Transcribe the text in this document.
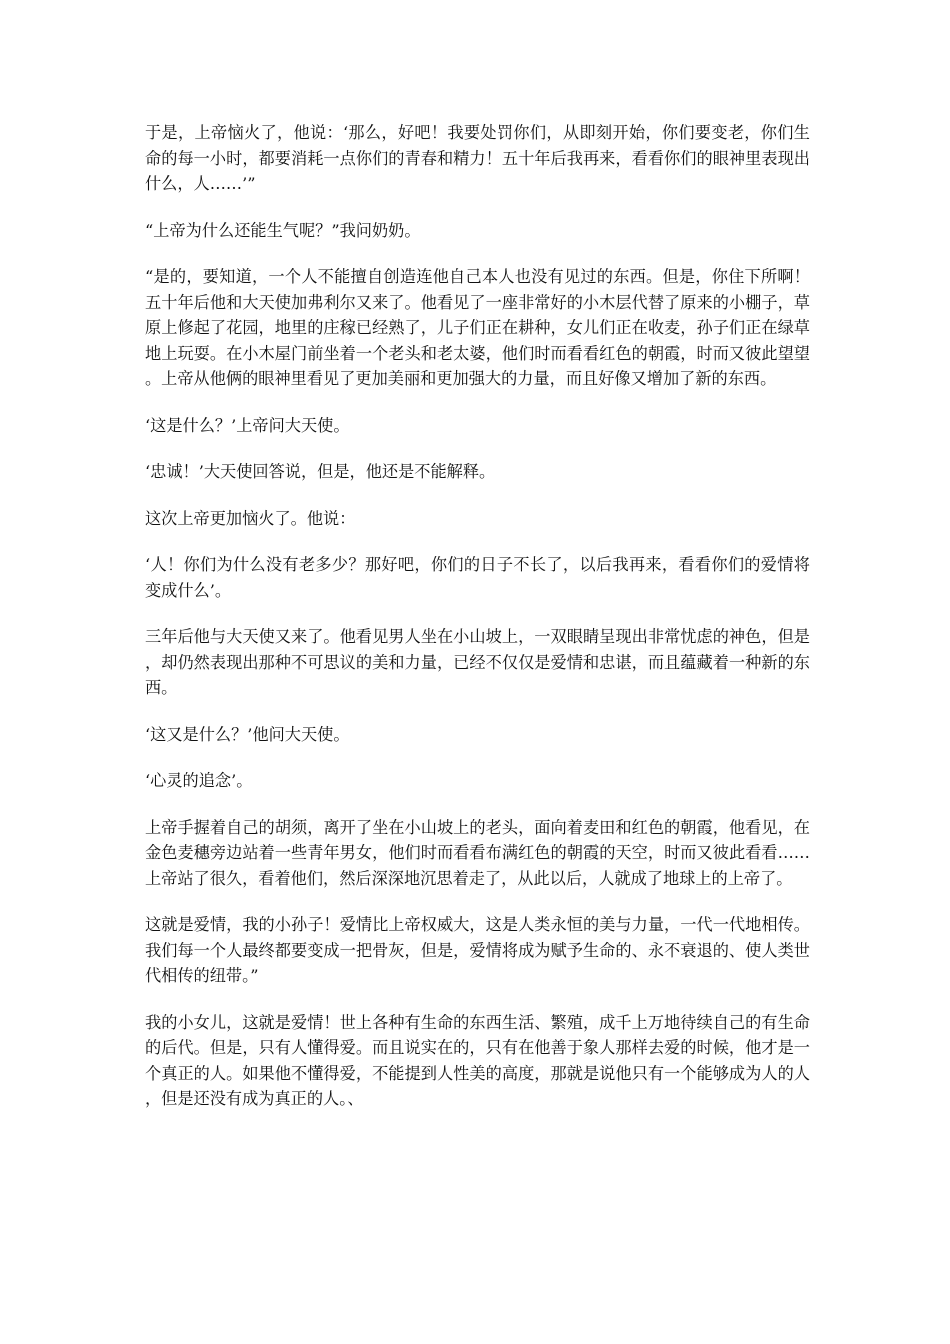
于是，上帝恼火了，他说：‘那么，好吧！我要处罚你们，从即刻开始，你们要变老，你们生命的每一小时，都要消耗一点你们的青春和精力！五十年后我再来，看看你们的眼神里表现出什么，人……’”

“上帝为什么还能生气呢？”我问奶奶。

“是的，要知道，一个人不能擅自创造连他自己本人也没有见过的东西。但是，你住下所啊！五十年后他和大天使加弗利尔又来了。他看见了一座非常好的小木层代替了原来的小棚子，草原上修起了花园，地里的庄稼已经熟了，儿子们正在耕种，女儿们正在收麦，孙子们正在绿草地上玩耍。在小木屋门前坐着一个老头和老太婆，他们时而看看红色的朝霞，时而又彼此望望。上帝从他俩的眼神里看见了更加美丽和更加强大的力量，而且好像又增加了新的东西。

‘这是什么？’上帝问大天使。

‘忠诚！’大天使回答说，但是，他还是不能解释。

这次上帝更加恼火了。他说：

‘人！你们为什么没有老多少？那好吧，你们的日子不长了，以后我再来，看看你们的爱情将变成什么’。

三年后他与大天使又来了。他看见男人坐在小山坡上，一双眼睛呈现出非常忧虑的神色，但是，却仍然表现出那种不可思议的美和力量，已经不仅仅是爱情和忠谌，而且蕴藏着一种新的东西。

‘这又是什么？’他问大天使。

‘心灵的追念’。

上帝手握着自己的胡须，离开了坐在小山坡上的老头，面向着麦田和红色的朝霞，他看见，在金色麦穗旁边站着一些青年男女，他们时而看看布满红色的朝霞的天空，时而又彼此看看……上帝站了很久，看着他们，然后深深地沉思着走了，从此以后，人就成了地球上的上帝了。

这就是爱情，我的小孙子！爱情比上帝权威大，这是人类永恒的美与力量，一代一代地相传。我们每一个人最终都要变成一把骨灰，但是，爱情将成为赋予生命的、永不衰退的、使人类世代相传的纽带。”

我的小女儿，这就是爱情！世上各种有生命的东西生活、繁殖，成千上万地待续自己的有生命的后代。但是，只有人懂得爱。而且说实在的，只有在他善于象人那样去爱的时候，他才是一个真正的人。如果他不懂得爱，不能提到人性美的高度，那就是说他只有一个能够成为人的人，但是还没有成为真正的人。、
